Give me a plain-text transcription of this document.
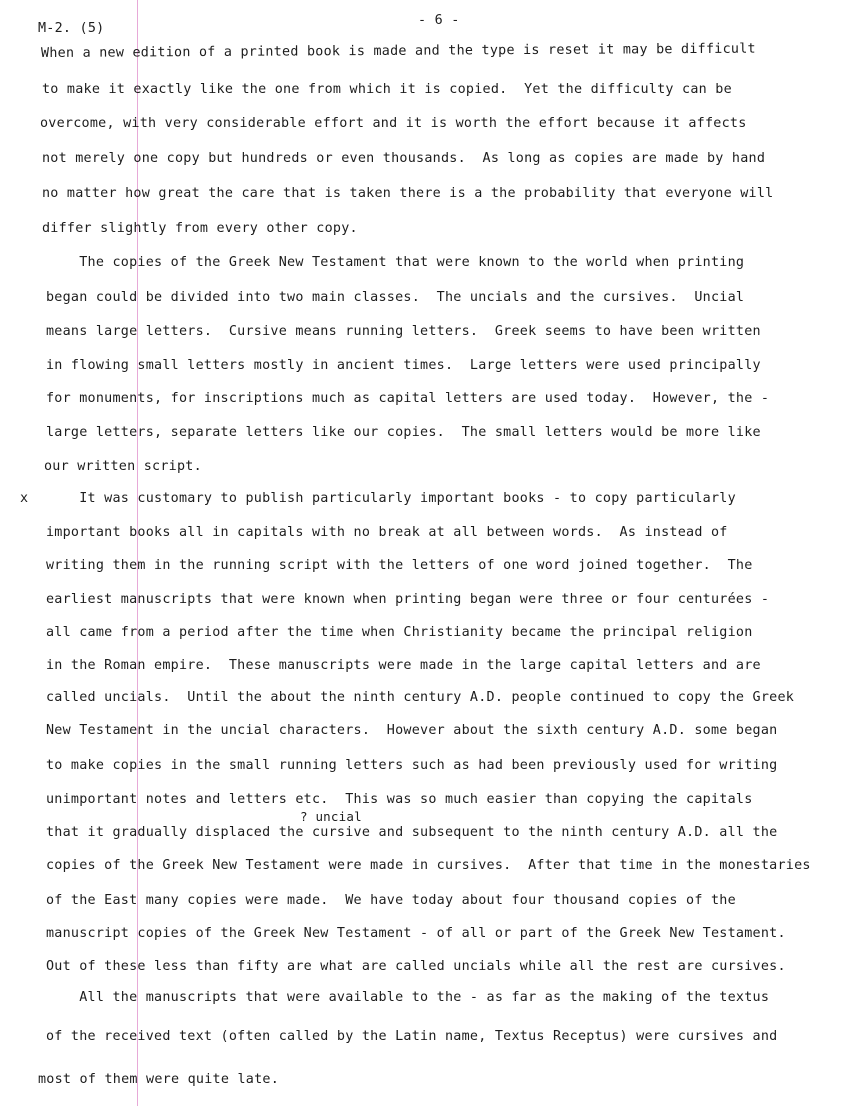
M-2. (5)
- 6 -
x
? uncial
When a new edition of a printed book is made and the type is reset it may be difficult
to make it exactly like the one from which it is copied.  Yet the difficulty can be
overcome, with very considerable effort and it is worth the effort because it affects
not merely one copy but hundreds or even thousands.  As long as copies are made by hand
no matter how great the care that is taken there is a the probability that everyone will
differ slightly from every other copy.
The copies of the Greek New Testament that were known to the world when printing
began could be divided into two main classes.  The uncials and the cursives.  Uncial
means large letters.  Cursive means running letters.  Greek seems to have been written
in flowing small letters mostly in ancient times.  Large letters were used principally
for monuments, for inscriptions much as capital letters are used today.  However, the -
large letters, separate letters like our copies.  The small letters would be more like
our written script.
It was customary to publish particularly important books - to copy particularly
important books all in capitals with no break at all between words.  As instead of
writing them in the running script with the letters of one word joined together.  The
earliest manuscripts that were known when printing began were three or four centurées -
all came from a period after the time when Christianity became the principal religion
in the Roman empire.  These manuscripts were made in the large capital letters and are
called uncials.  Until the about the ninth century A.D. people continued to copy the Greek
New Testament in the uncial characters.  However about the sixth century A.D. some began
to make copies in the small running letters such as had been previously used for writing
unimportant notes and letters etc.  This was so much easier than copying the capitals
that it gradually displaced the cursive and subsequent to the ninth century A.D. all the
copies of the Greek New Testament were made in cursives.  After that time in the monestaries
of the East many copies were made.  We have today about four thousand copies of the
manuscript copies of the Greek New Testament - of all or part of the Greek New Testament.
Out of these less than fifty are what are called uncials while all the rest are cursives.
All the manuscripts that were available to the - as far as the making of the textus
of the received text (often called by the Latin name, Textus Receptus) were cursives and
most of them were quite late.
